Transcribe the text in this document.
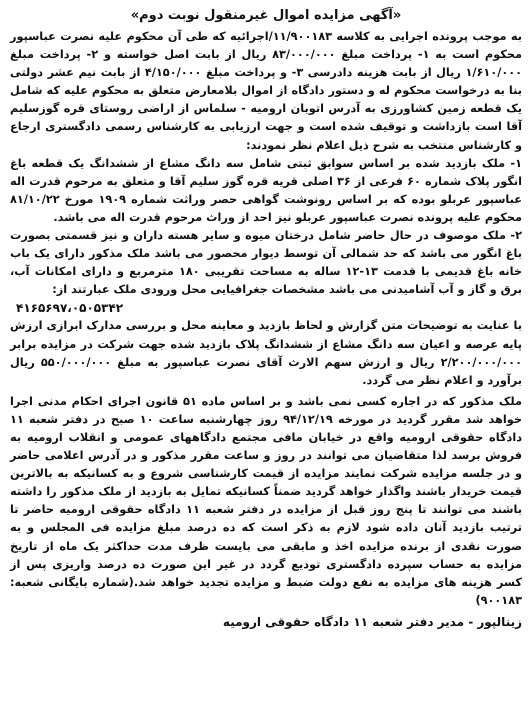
«آگهی مزایده اموال غیرمنقول نوبت دوم»

به موجب پرونده اجرایی به کلاسه ۱۱/۹۰۰۱۸۳/اجرائیه که طی آن محکوم علیه نصرت عباسپور محکوم است به ۱- پرداخت مبلغ ۸۳/۰۰۰/۰۰۰ ریال از بابت اصل خواسته و ۲- پرداخت مبلغ ۱/۶۱۰/۰۰۰ ریال از بابت هزینه دادرسی ۳- و پرداخت مبلغ ۴/۱۵۰/۰۰۰ از بابت نیم عشر دولتی بنا به درخواست محکوم له و دستور دادگاه از اموال بلامعارض متعلق به محکوم علیه که شامل یک قطعه زمین کشاورزی به آدرس اتوبان ارومیه - سلماس از اراضی روستای قره گوزسلیم آقا است بازداشت و توقیف شده است و جهت ارزیابی به کارشناس رسمی دادگستری ارجاع و کارشناس منتخب به شرح ذیل اعلام نظر نمودند:

۱- ملک بازدید شده بر اساس سوابق ثبتی شامل سه دانگ مشاع از ششدانگ یک قطعه باغ انگور پلاک شماره ۶۰ فرعی از ۳۶ اصلی قریه قره گوز سلیم آقا و متعلق به مرحوم قدرت اله عباسپور عربلو بوده که بر اساس رونوشت گواهی حصر وراثت شماره ۱۹۰۹ مورخ ۸۱/۱۰/۲۲ محکوم علیه پرونده نصرت عباسپور عربلو نیز احد از وراث مرحوم قدرت اله می باشد.

۲- ملک موصوف در حال حاضر شامل درختان میوه و سایر هسته داران و نیز قسمتی بصورت باغ انگور می باشد که حد شمالی آن توسط دیوار محصور می باشد ملک مذکور دارای یک باب خانه باغ قدیمی با قدمت ۱۳-۱۲ ساله به مساحت تقریبی ۱۸۰ مترمربع و دارای امکانات آب، برق و گاز و آب آشامیدنی می باشد مشخصات جغرافیایی محل ورودی ملک عبارتند از:

۴۱۶۵۶۹۷،۰۵۰۵۳۴۲

با عنایت به توضیحات متن گزارش و لحاظ بازدید و معاینه محل و بررسی مدارک ابرازی ارزش پایه عرصه و اعیان سه دانگ مشاع از ششدانگ پلاک بازدید شده جهت شرکت در مزایده برابر ۲/۲۰۰/۰۰۰/۰۰۰ ریال و ارزش سهم الارث آقای نصرت عباسپور به مبلغ ۵۵۰/۰۰۰/۰۰۰ ریال برآورد و اعلام نظر می گردد.

ملک مذکور که در اجاره کسی نمی باشد و بر اساس ماده ۵۱ قانون اجرای احکام مدنی اجرا خواهد شد مقرر گردید در مورخه ۹۴/۱۲/۱۹ روز چهارشنبه ساعت ۱۰ صبح در دفتر شعبه ۱۱ دادگاه حقوقی ارومیه واقع در خیابان مافی مجتمع دادگاههای عمومی و انقلاب ارومیه به فروش برسد لذا متقاضیان می توانند در روز و ساعت مقرر مذکور و در آدرس اعلامی حاضر و در جلسه مزایده شرکت نمایند مزایده از قیمت کارشناسی شروع و به کسانیکه به بالاترین قیمت خریدار باشند واگذار خواهد گردید ضمناً کسانیکه تمایل به بازدید از ملک مذکور را داشته باشند می توانند تا پنج روز قبل از مزایده در دفتر شعبه ۱۱ دادگاه حقوقی ارومیه حاضر تا ترتیب بازدید آنان داده شود لازم به ذکر است که ده درصد مبلغ مزایده فی المجلس و به صورت نقدی از برنده مزایده اخذ و مابقی می بایست ظرف مدت حداکثر یک ماه از تاریخ مزایده به حساب سپرده دادگستری تودیع گردد در غیر این صورت ده درصد واریزی پس از کسر هزینه های مزایده به نفع دولت ضبط و مزایده تجدید خواهد شد.(شماره بایگانی شعبه: ۹۰۰۱۸۳)

زینالپور - مدیر دفتر شعبه ۱۱ دادگاه حقوقی ارومیه
